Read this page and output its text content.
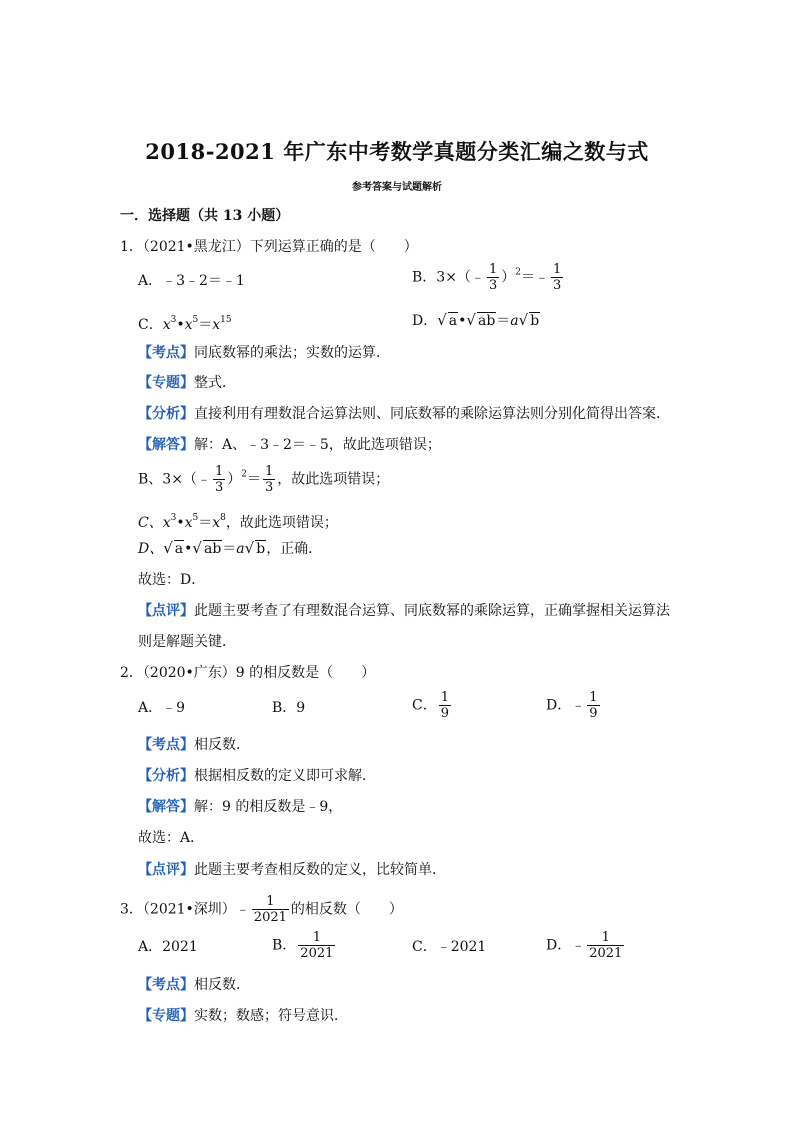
2018-2021 年广东中考数学真题分类汇编之数与式
参考答案与试题解析
一．选择题（共 13 小题）
1．（2021•黑龙江）下列运算正确的是（　　）
A．﹣3﹣2＝﹣1	B．3×（﹣ $\frac{1}{3}$ ）$^2$＝﹣ $\frac{1}{3}$
C．$x^3•x^5=x^{15}$	D．√ a•√ ab＝a√ b
【考点】同底数幂的乘法；实数的运算．
【专题】整式．
【分析】直接利用有理数混合运算法则、同底数幂的乘除运算法则分别化简得出答案．
【解答】解：A、﹣3﹣2＝﹣5，故此选项错误；
B、3×（﹣ $\frac{1}{3} )^2= \frac{1}{3}$ ，故此选项错误；
C、$x^3•x^5=x^8$，故此选项错误；
D、√ a•√ ab＝a√ b，正确．
故选：D．
【点评】此题主要考查了有理数混合运算、同底数幂的乘除运算，正确掌握相关运算法
则是解题关键．
2．（2020•广东）9 的相反数是（　　）
A．﹣9	B．9	C． $\frac{1}{9}$	D．﹣ $\frac{1}{9}$
【考点】相反数．
【分析】根据相反数的定义即可求解．
【解答】解：9 的相反数是﹣9，
故选：A．
【点评】此题主要考查相反数的定义，比较简单．
3．（2021•深圳）﹣ $\frac{1}{2021}$ 的相反数（　　）
A．2021	B． $\frac{1}{2021}$	C．﹣2021	D．﹣ $\frac{1}{2021}$
【考点】相反数．
【专题】实数；数感；符号意识．
